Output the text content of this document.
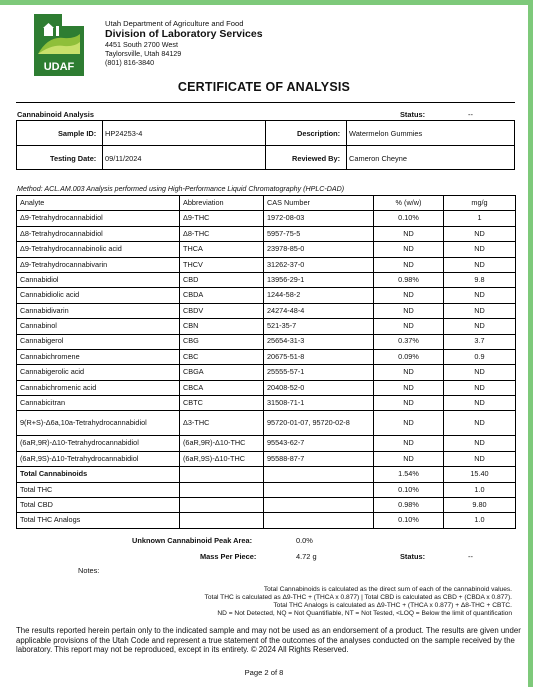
UDAF
Utah Department of Agriculture and Food
Division of Laboratory Services
4451 South 2700 West
Taylorsville, Utah 84129
(801) 816-3840
CERTIFICATE OF ANALYSIS
Cannabinoid Analysis	Status:	--
Sample ID: HP24253-4	Description: Watermelon Gummies
Testing Date: 09/11/2024	Reviewed By: Cameron Cheyne
Method: ACL.AM.003 Analysis performed using High-Performance Liquid Chromatography (HPLC-DAD)
Analyte	Abbreviation	CAS Number	% (w/w)	mg/g
Δ9-Tetrahydrocannabidiol	Δ9-THC	1972-08-03	0.10%	1
Δ8-Tetrahydrocannabidiol	Δ8-THC	5957-75-5	ND	ND
Δ9-Tetrahydrocannabinolic acid	THCA	23978-85-0	ND	ND
Δ9-Tetrahydrocannabivarin	THCV	31262-37-0	ND	ND
Cannabidiol	CBD	13956-29-1	0.98%	9.8
Cannabidiolic acid	CBDA	1244-58-2	ND	ND
Cannabidivarin	CBDV	24274-48-4	ND	ND
Cannabinol	CBN	521-35-7	ND	ND
Cannabigerol	CBG	25654-31-3	0.37%	3.7
Cannabichromene	CBC	20675-51-8	0.09%	0.9
Cannabigerolic acid	CBGA	25555-57-1	ND	ND
Cannabichromenic acid	CBCA	20408-52-0	ND	ND
Cannabicitran	CBTC	31508-71-1	ND	ND
9(R+S)-Δ6a,10a-Tetrahydrocannabidiol	Δ3-THC	95720-01-07, 95720-02-8	ND	ND
(6aR,9R)-Δ10-Tetrahydrocannabidiol	(6aR,9R)-Δ10-THC	95543-62-7	ND	ND
(6aR,9S)-Δ10-Tetrahydrocannabidiol	(6aR,9S)-Δ10-THC	95588-87-7	ND	ND
Total Cannabinoids			1.54%	15.40
Total THC			0.10%	1.0
Total CBD			0.98%	9.80
Total THC Analogs			0.10%	1.0
Unknown Cannabinoid Peak Area:	0.0%
Mass Per Piece:	4.72 g	Status:	--
Notes:
Total Cannabinoids is calculated as the direct sum of each of the cannabinoid values.
Total THC is calculated as Δ9-THC + (THCA x 0.877) | Total CBD is calculated as CBD + (CBDA x 0.877).
Total THC Analogs is calculated as Δ9-THC + (THCA x 0.877) + Δ8-THC + CBTC.
ND = Not Detected, NQ = Not Quantifiable, NT = Not Tested, <LOQ = Below the limit of quantification
The results reported herein pertain only to the indicated sample and may not be used as an endorsement of a product. The results are given under applicable provisions of the Utah Code and represent a true statement of the outcomes of the analyses conducted on the sample received by the laboratory. This report may not be reproduced, except in its entirety. © 2024 All Rights Reserved.
Page 2 of 8
